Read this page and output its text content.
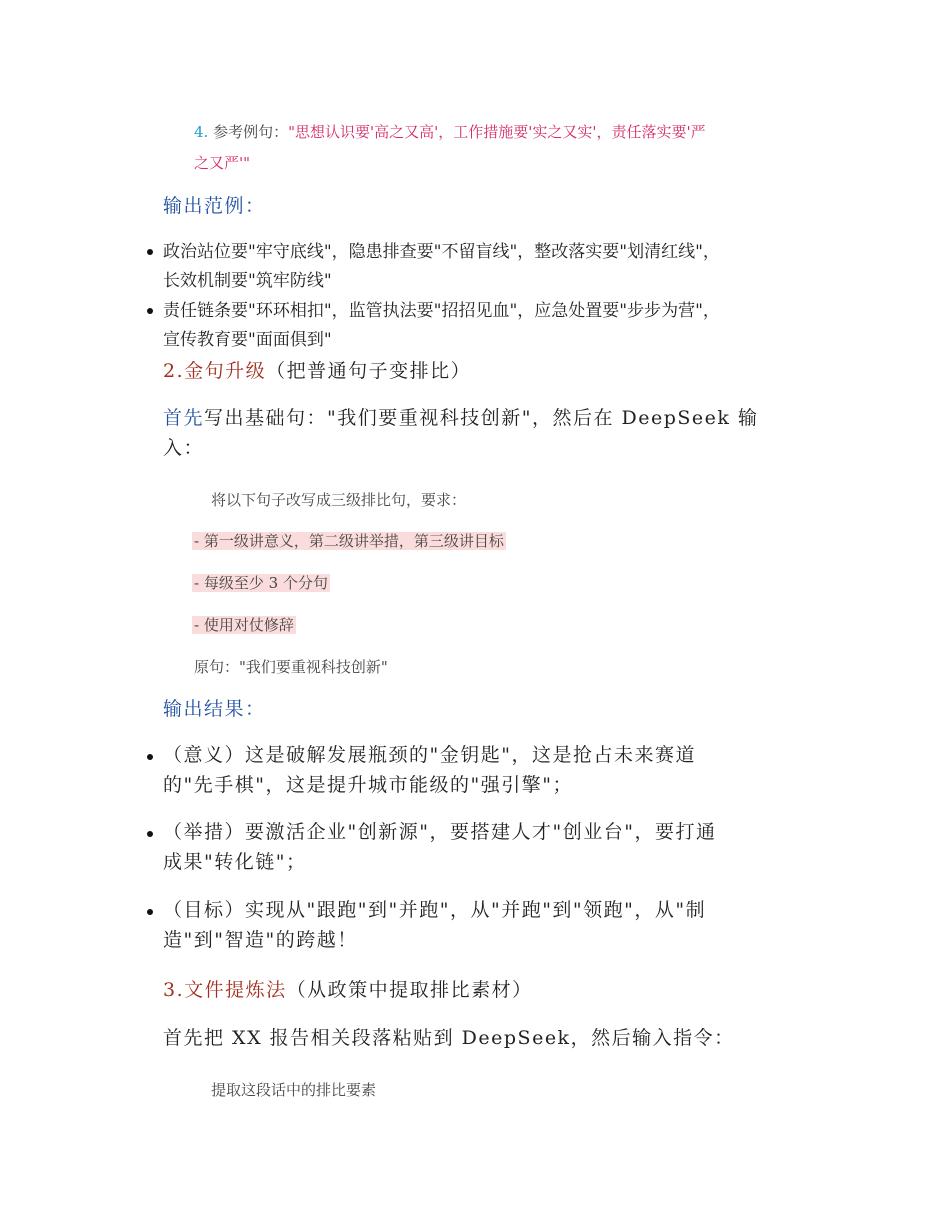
4. 参考例句："思想认识要'高之又高'，工作措施要'实之又实'，责任落实要'严
之又严'"
输出范例：
政治站位要"牢守底线"，隐患排查要"不留盲线"，整改落实要"划清红线"，
长效机制要"筑牢防线"
责任链条要"环环相扣"，监管执法要"招招见血"，应急处置要"步步为营"，
宣传教育要"面面俱到"
2.金句升级（把普通句子变排比）
首先写出基础句："我们要重视科技创新"，然后在 DeepSeek 输
入：
将以下句子改写成三级排比句，要求：
- 第一级讲意义，第二级讲举措，第三级讲目标
- 每级至少 3 个分句
- 使用对仗修辞
原句："我们要重视科技创新"
输出结果：
（意义）这是破解发展瓶颈的"金钥匙"，这是抢占未来赛道
的"先手棋"，这是提升城市能级的"强引擎"；
（举措）要激活企业"创新源"，要搭建人才"创业台"，要打通
成果"转化链"；
（目标）实现从"跟跑"到"并跑"，从"并跑"到"领跑"，从"制
造"到"智造"的跨越！
3.文件提炼法（从政策中提取排比素材）
首先把 XX 报告相关段落粘贴到 DeepSeek，然后输入指令：
提取这段话中的排比要素
